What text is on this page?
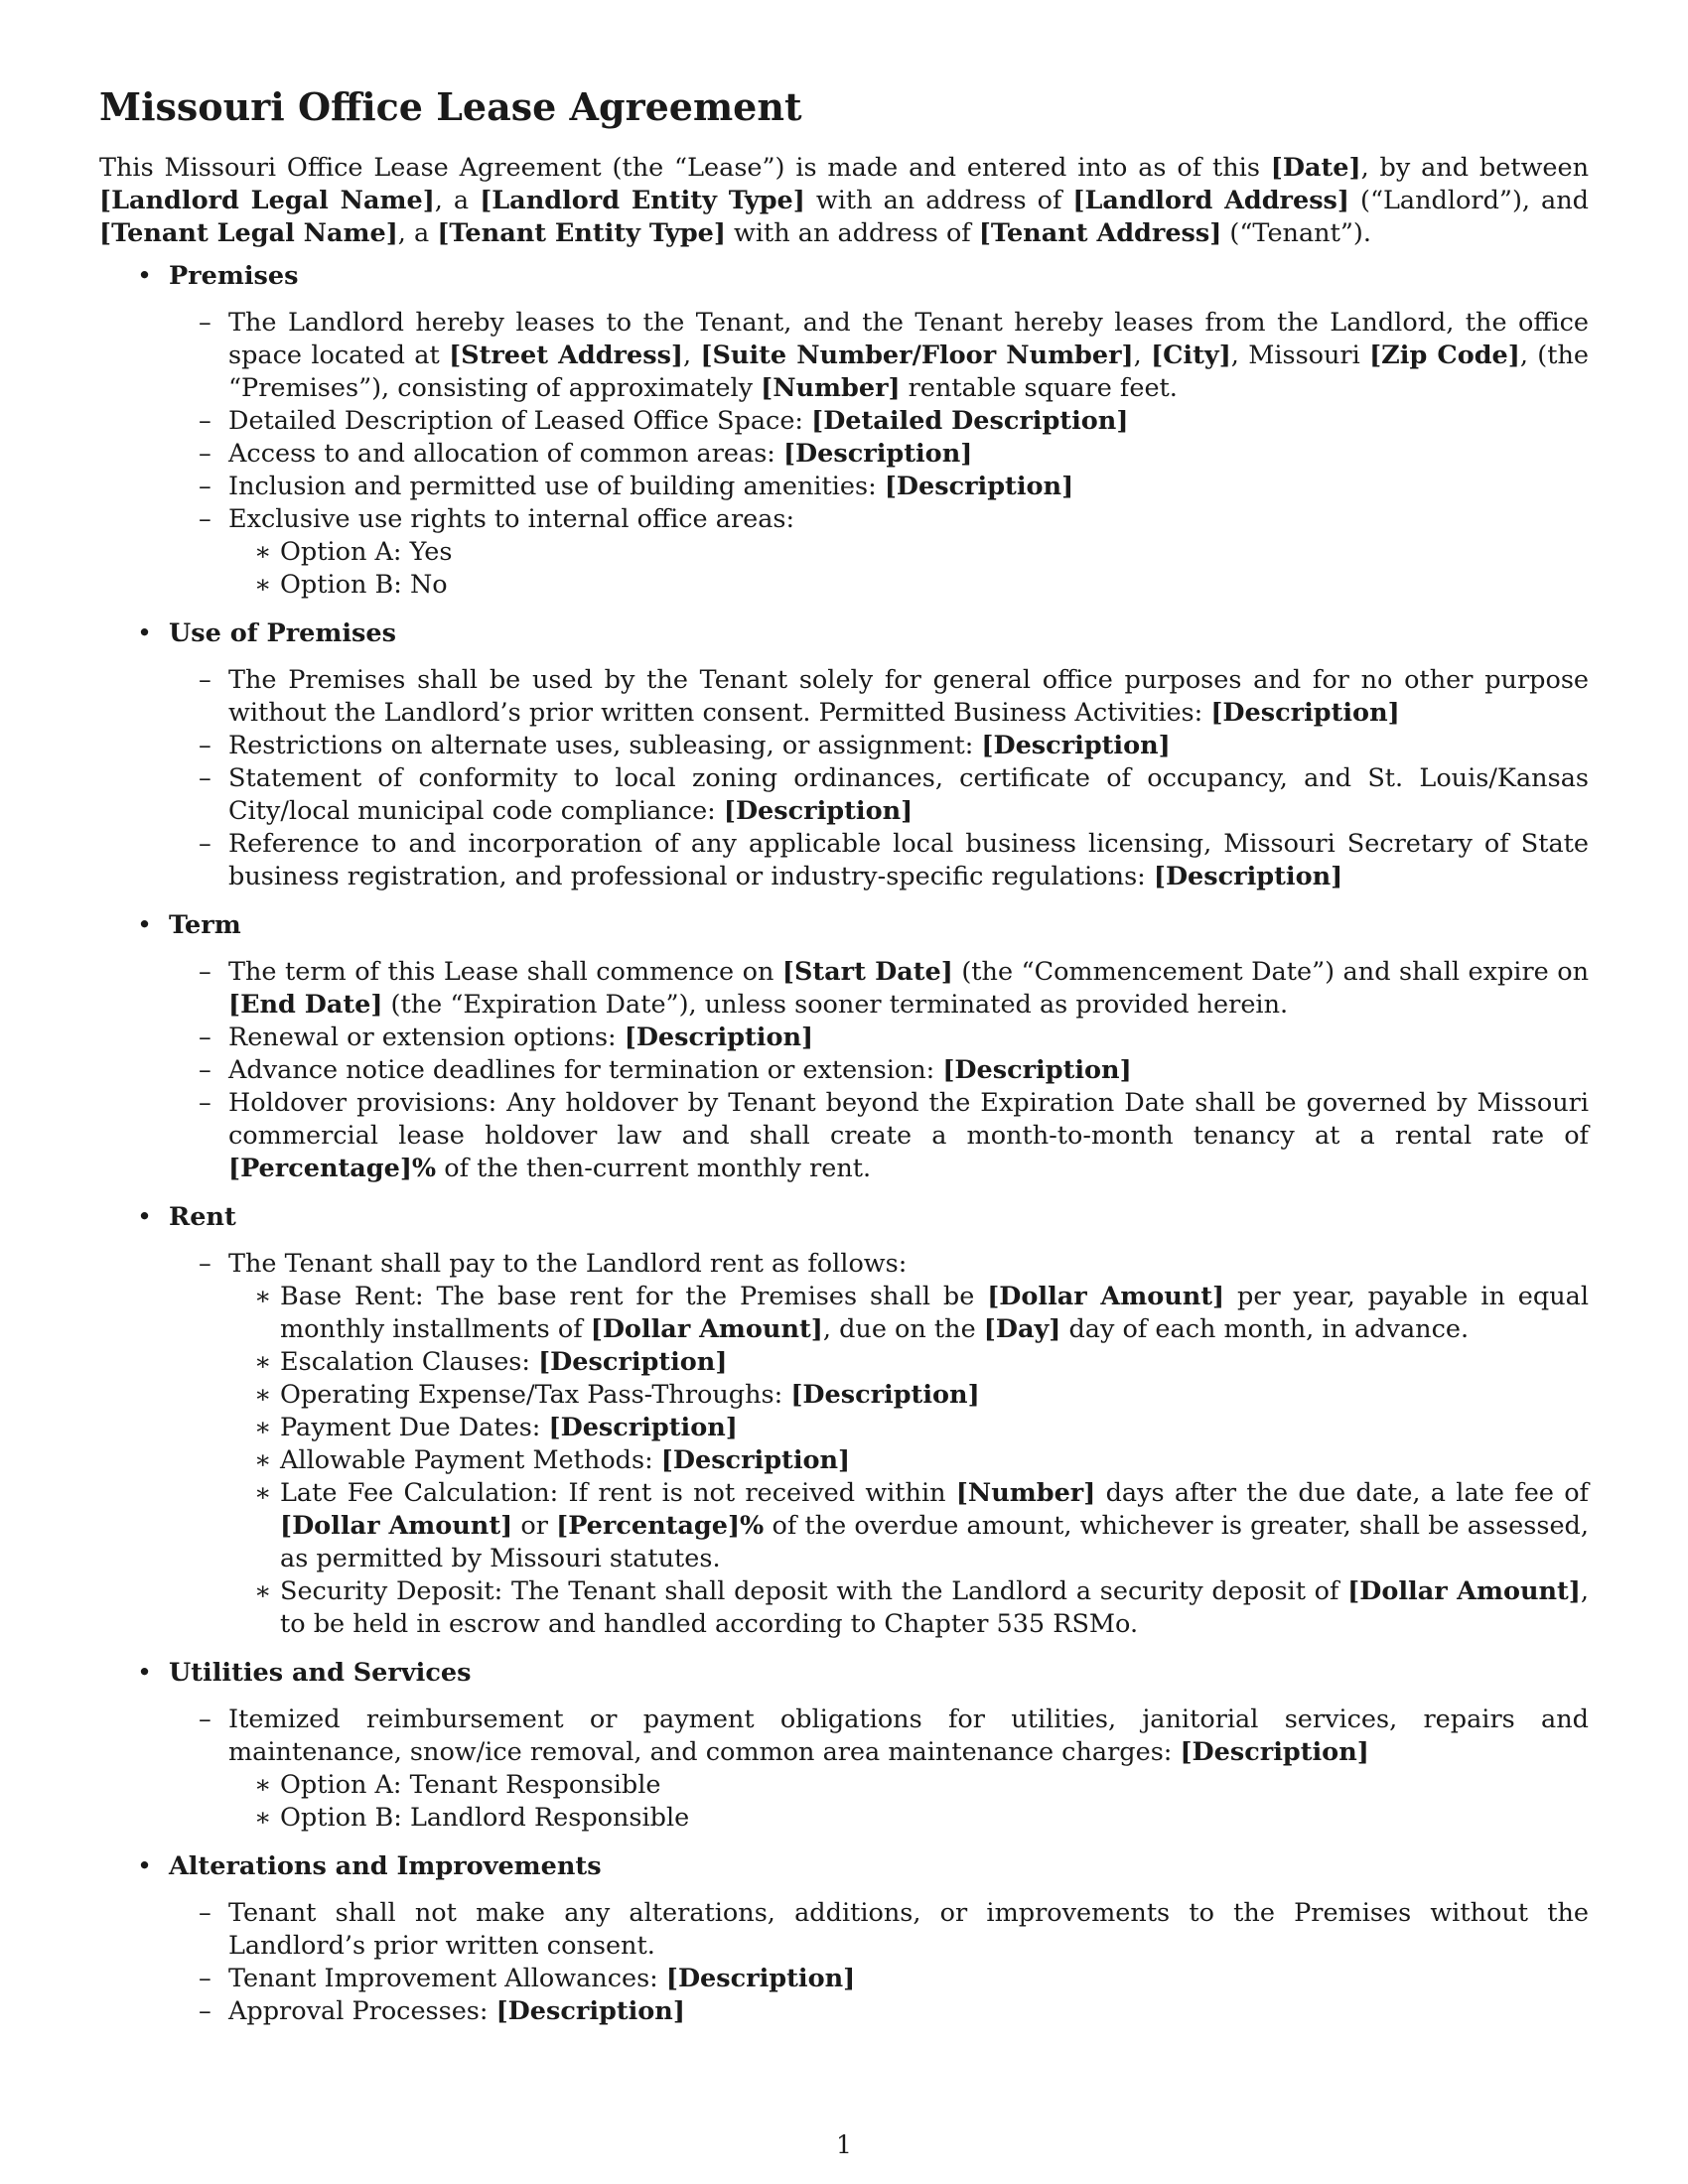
Missouri Office Lease Agreement

This Missouri Office Lease Agreement (the “Lease”) is made and entered into as of this [Date], by and between [Landlord Legal Name], a [Landlord Entity Type] with an address of [Landlord Address] (“Landlord”), and [Tenant Legal Name], a [Tenant Entity Type] with an address of [Tenant Address] (“Tenant”).

• Premises
– The Landlord hereby leases to the Tenant, and the Tenant hereby leases from the Landlord, the office space located at [Street Address], [Suite Number/Floor Number], [City], Missouri [Zip Code], (the “Premises”), consisting of approximately [Number] rentable square feet.
– Detailed Description of Leased Office Space: [Detailed Description]
– Access to and allocation of common areas: [Description]
– Inclusion and permitted use of building amenities: [Description]
– Exclusive use rights to internal office areas:
∗ Option A: Yes
∗ Option B: No
• Use of Premises
– The Premises shall be used by the Tenant solely for general office purposes and for no other purpose without the Landlord’s prior written consent. Permitted Business Activities: [Description]
– Restrictions on alternate uses, subleasing, or assignment: [Description]
– Statement of conformity to local zoning ordinances, certificate of occupancy, and St. Louis/Kansas City/local municipal code compliance: [Description]
– Reference to and incorporation of any applicable local business licensing, Missouri Secretary of State business registration, and professional or industry-specific regulations: [Description]
• Term
– The term of this Lease shall commence on [Start Date] (the “Commencement Date”) and shall expire on [End Date] (the “Expiration Date”), unless sooner terminated as provided herein.
– Renewal or extension options: [Description]
– Advance notice deadlines for termination or extension: [Description]
– Holdover provisions: Any holdover by Tenant beyond the Expiration Date shall be governed by Missouri commercial lease holdover law and shall create a month-to-month tenancy at a rental rate of [Percentage]% of the then-current monthly rent.
• Rent
– The Tenant shall pay to the Landlord rent as follows:
∗ Base Rent: The base rent for the Premises shall be [Dollar Amount] per year, payable in equal monthly installments of [Dollar Amount], due on the [Day] day of each month, in advance.
∗ Escalation Clauses: [Description]
∗ Operating Expense/Tax Pass-Throughs: [Description]
∗ Payment Due Dates: [Description]
∗ Allowable Payment Methods: [Description]
∗ Late Fee Calculation: If rent is not received within [Number] days after the due date, a late fee of [Dollar Amount] or [Percentage]% of the overdue amount, whichever is greater, shall be assessed, as permitted by Missouri statutes.
∗ Security Deposit: The Tenant shall deposit with the Landlord a security deposit of [Dollar Amount], to be held in escrow and handled according to Chapter 535 RSMo.
• Utilities and Services
– Itemized reimbursement or payment obligations for utilities, janitorial services, repairs and maintenance, snow/ice removal, and common area maintenance charges: [Description]
∗ Option A: Tenant Responsible
∗ Option B: Landlord Responsible
• Alterations and Improvements
– Tenant shall not make any alterations, additions, or improvements to the Premises without the Landlord’s prior written consent.
– Tenant Improvement Allowances: [Description]
– Approval Processes: [Description]
1
